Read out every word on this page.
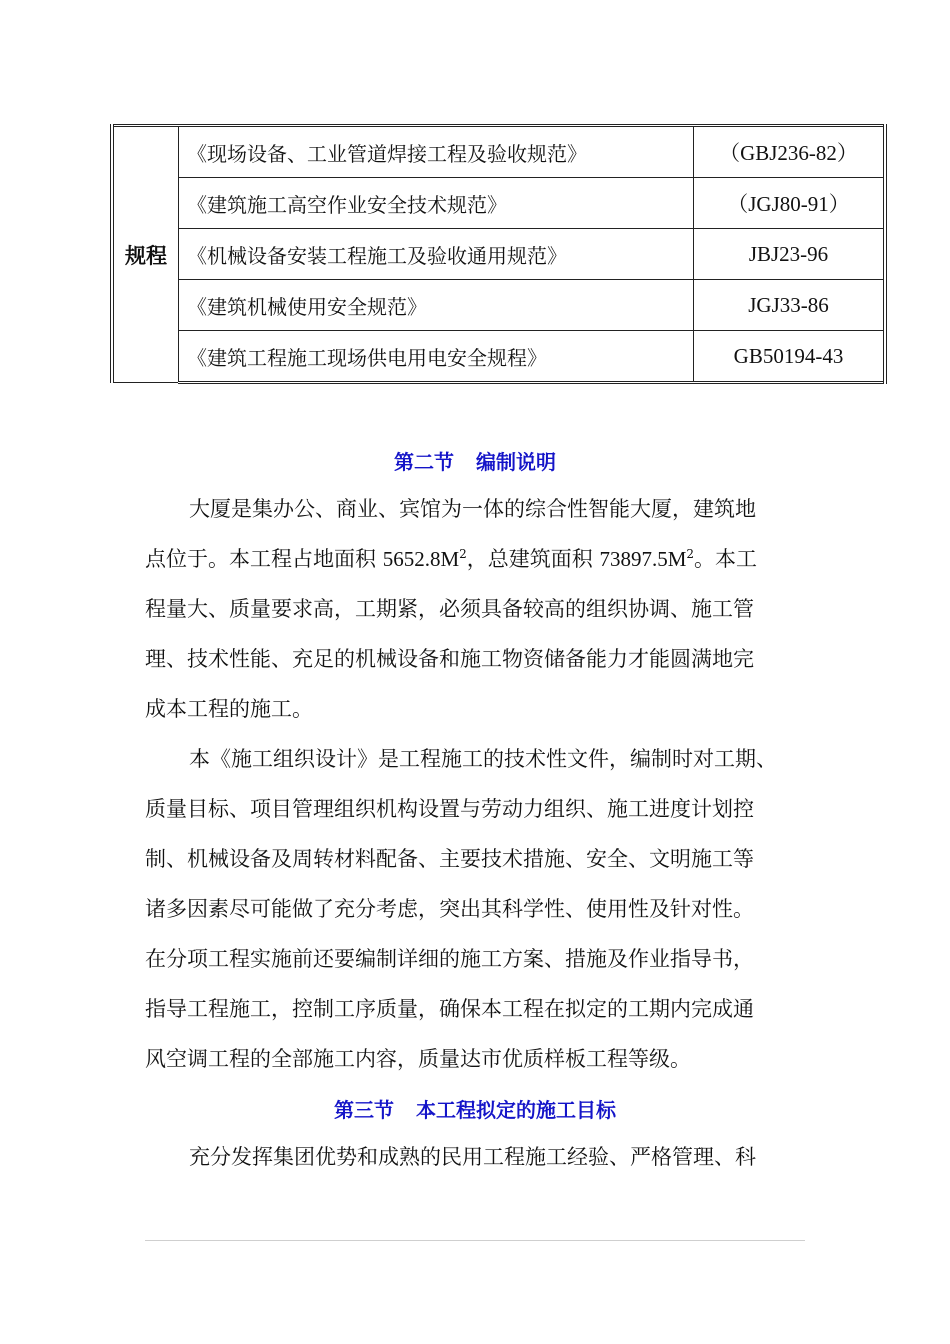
规程	《现场设备、工业管道焊接工程及验收规范》	（GBJ236-82）
	《建筑施工高空作业安全技术规范》	（JGJ80-91）
	《机械设备安装工程施工及验收通用规范》	JBJ23-96
	《建筑机械使用安全规范》	JGJ33-86
	《建筑工程施工现场供电用电安全规程》	GB50194-43
第二节 编制说明

大厦是集办公、商业、宾馆为一体的综合性智能大厦，建筑地
点位于。本工程占地面积 $5652.8M^2$，总建筑面积 $73897.5M^2$。本工
程量大、质量要求高，工期紧，必须具备较高的组织协调、施工管
理、技术性能、充足的机械设备和施工物资储备能力才能圆满地完
成本工程的施工。

本《施工组织设计》是工程施工的技术性文件，编制时对工期、
质量目标、项目管理组织机构设置与劳动力组织、施工进度计划控
制、机械设备及周转材料配备、主要技术措施、安全、文明施工等
诸多因素尽可能做了充分考虑，突出其科学性、使用性及针对性。
在分项工程实施前还要编制详细的施工方案、措施及作业指导书，
指导工程施工，控制工序质量，确保本工程在拟定的工期内完成通
风空调工程的全部施工内容，质量达市优质样板工程等级。

第三节 本工程拟定的施工目标

充分发挥集团优势和成熟的民用工程施工经验、严格管理、科
